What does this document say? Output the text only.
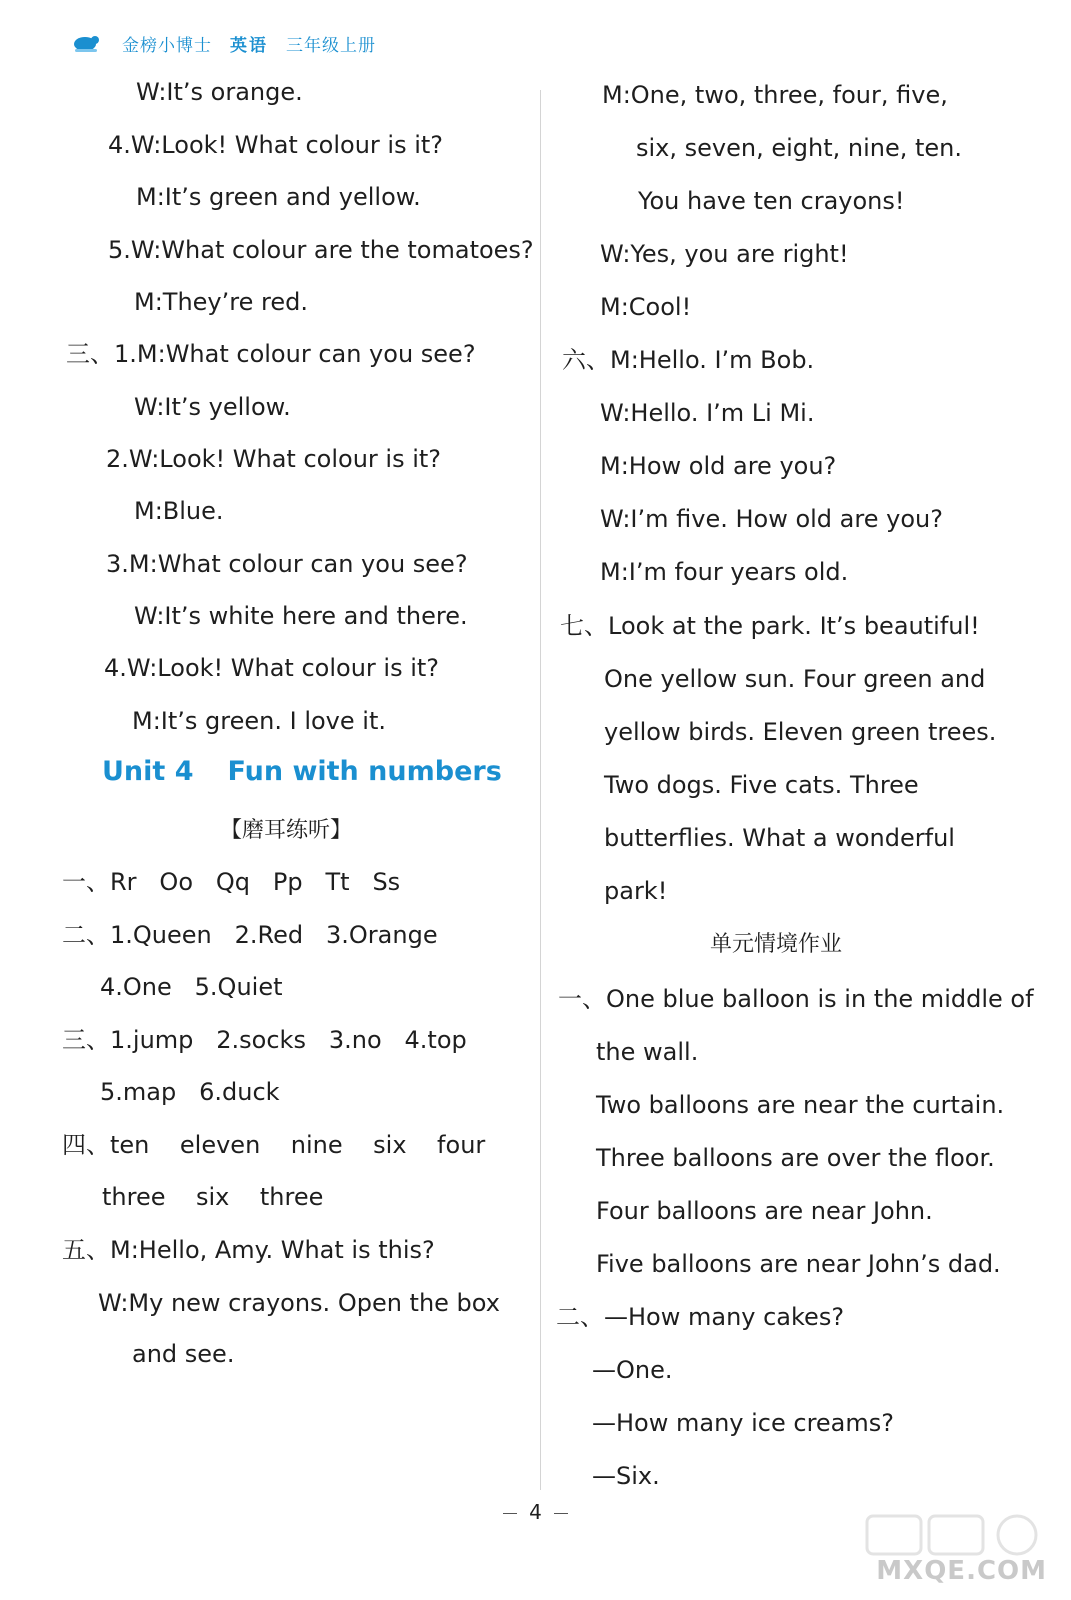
金榜小博士 英语 三年级上册
W:It’s orange.
4.W:Look! What colour is it?
M:It’s green and yellow.
5.W:What colour are the tomatoes?
M:They’re red.
三、1.M:What colour can you see?
W:It’s yellow.
2.W:Look! What colour is it?
M:Blue.
3.M:What colour can you see?
W:It’s white here and there.
4.W:Look! What colour is it?
M:It’s green. I love it.
Unit 4 Fun with numbers
【磨耳练听】
一、Rr   Oo   Qq   Pp   Tt   Ss
二、1.Queen   2.Red   3.Orange
4.One   5.Quiet
三、1.jump   2.socks   3.no   4.top
5.map   6.duck
四、ten    eleven    nine    six    four
three    six    three
五、M:Hello, Amy. What is this?
W:My new crayons. Open the box
and see.
M:One, two, three, four, five,
six, seven, eight, nine, ten.
You have ten crayons!
W:Yes, you are right!
M:Cool!
六、M:Hello. I’m Bob.
W:Hello. I’m Li Mi.
M:How old are you?
W:I’m five. How old are you?
M:I’m four years old.
七、Look at the park. It’s beautiful!
One yellow sun. Four green and
yellow birds. Eleven green trees.
Two dogs. Five cats. Three
butterflies. What a wonderful
park!
单元情境作业
一、One blue balloon is in the middle of
the wall.
Two balloons are near the curtain.
Three balloons are over the floor.
Four balloons are near John.
Five balloons are near John’s dad.
二、—How many cakes?
—One.
—How many ice creams?
—Six.
4
MXQE.COM
